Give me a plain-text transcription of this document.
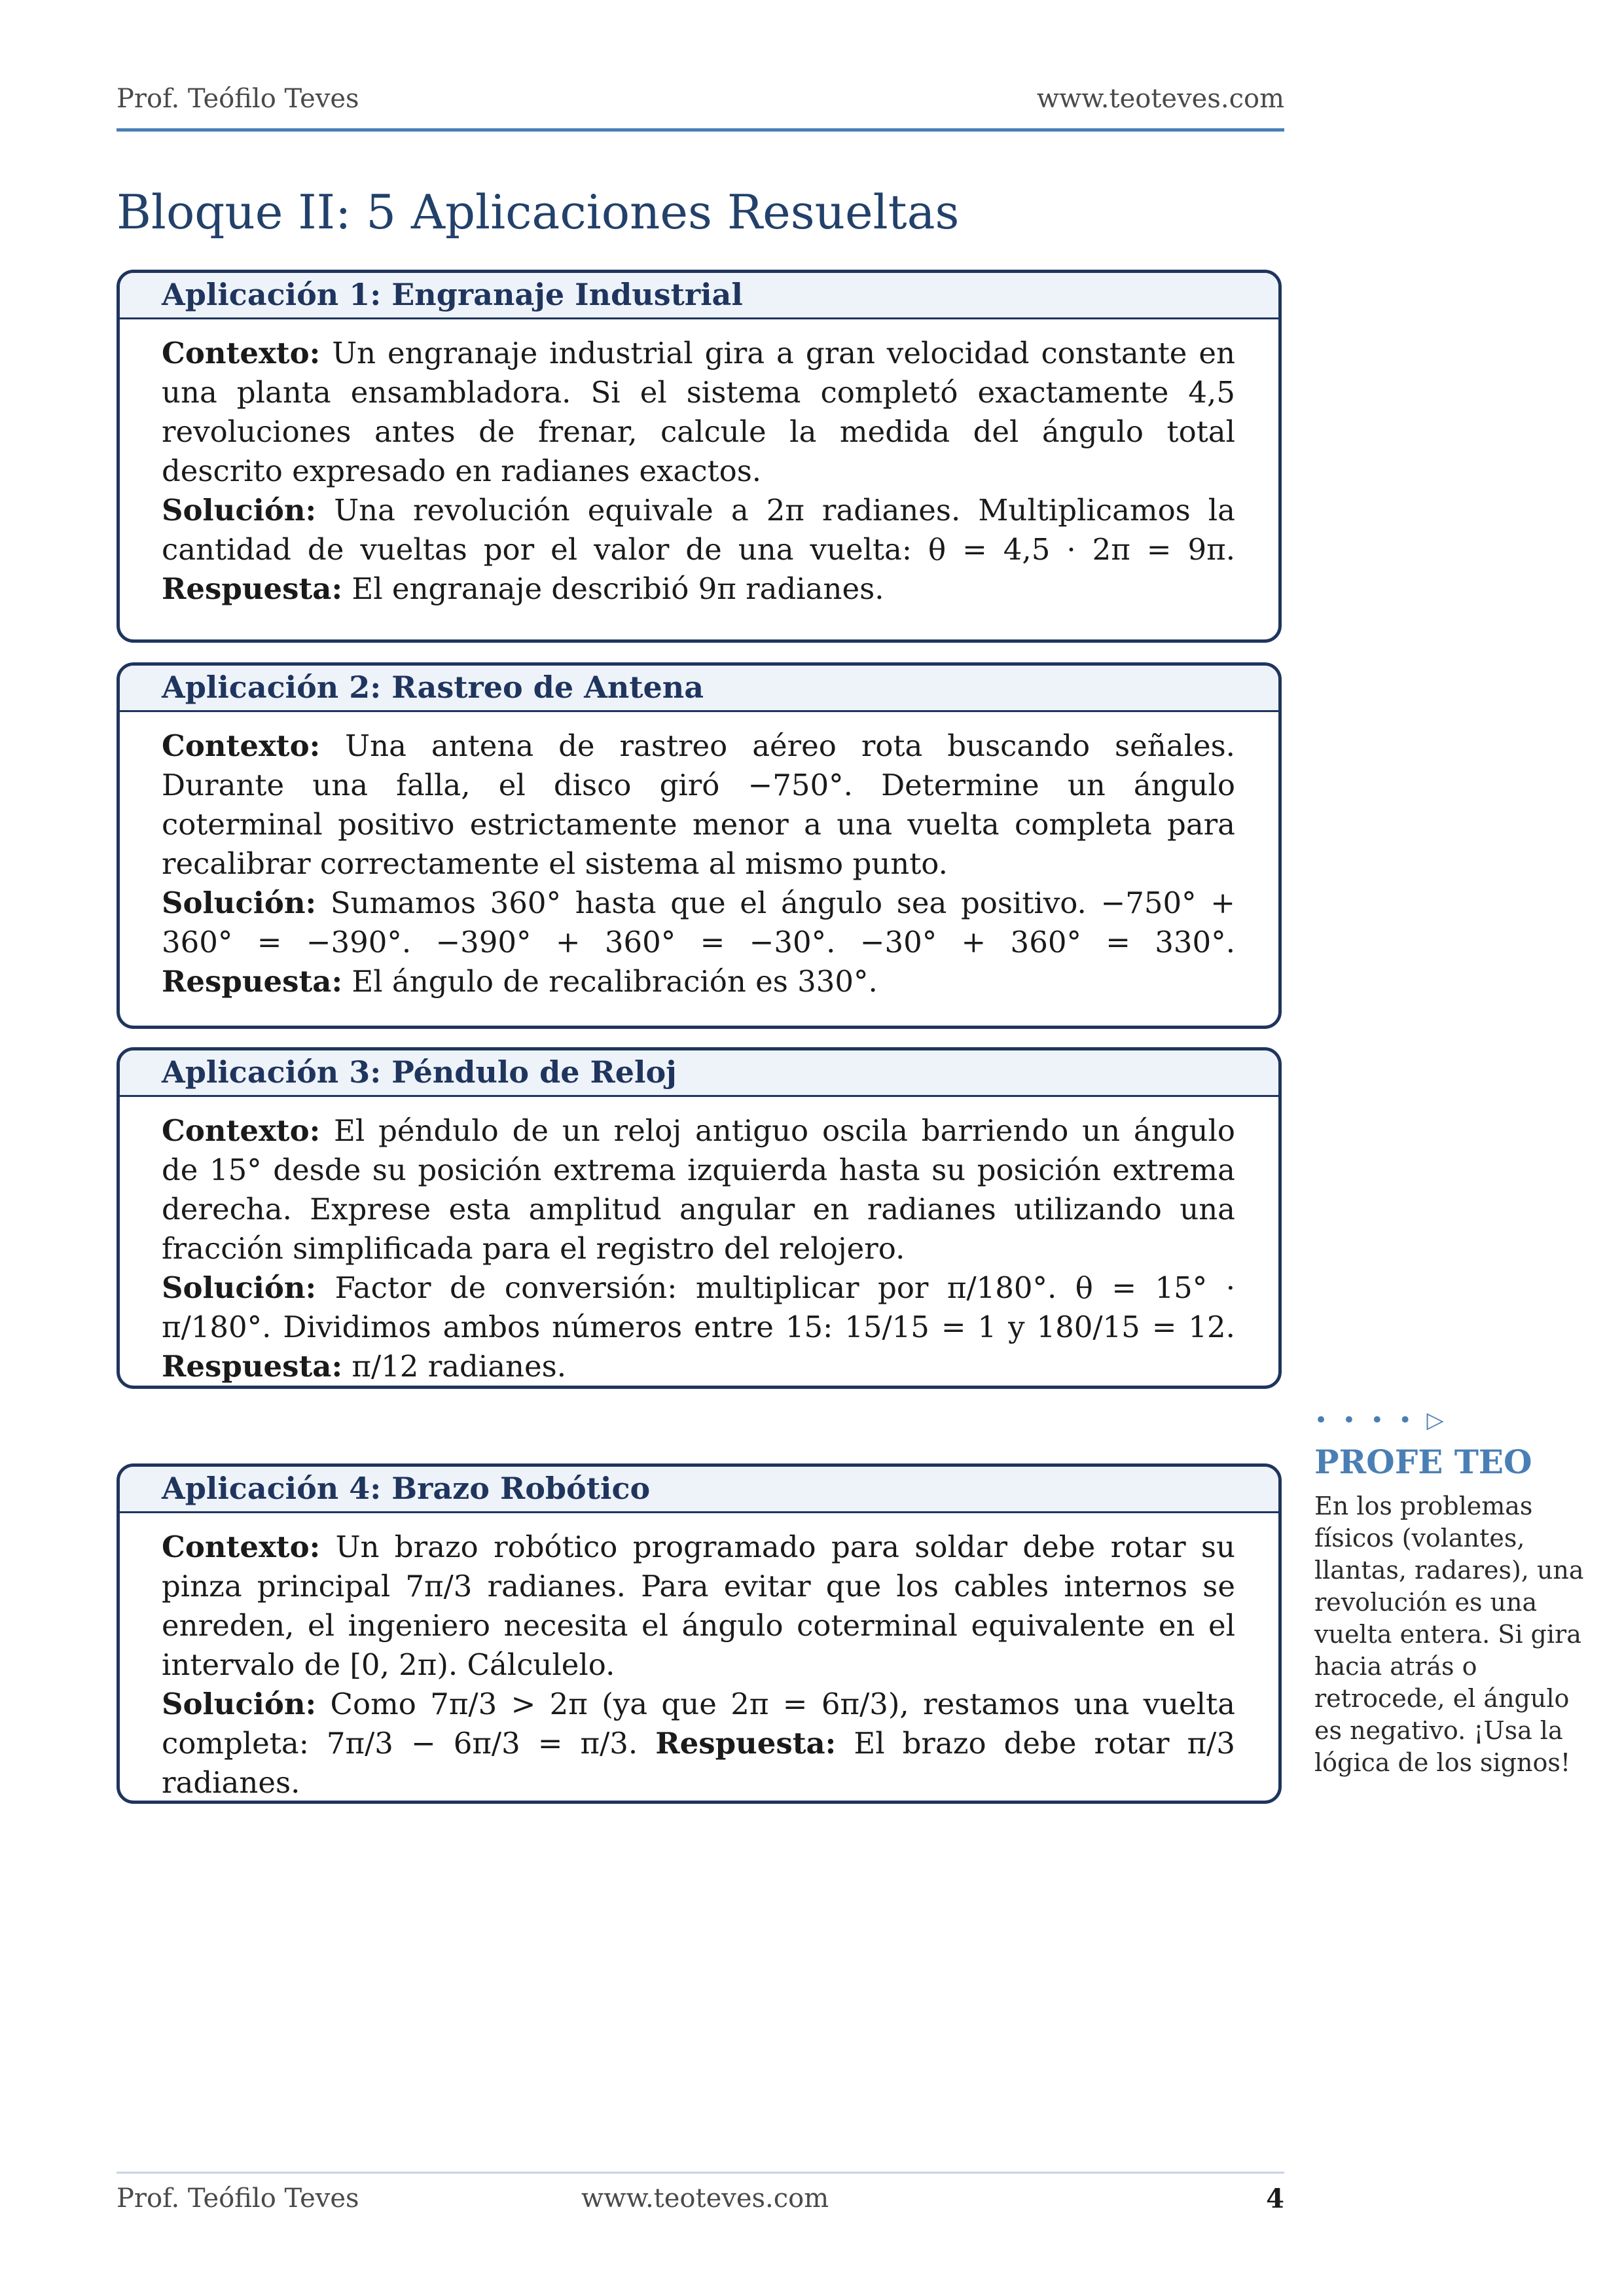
Prof. Teófilo Teves	www.teoteves.com
Bloque II: 5 Aplicaciones Resueltas
Aplicación 1: Engranaje Industrial

Contexto: Un engranaje industrial gira a gran velocidad constante en una planta ensambladora. Si el sistema completó exactamente 4,5 revoluciones antes de frenar, calcule la medida del ángulo total descrito expresado en radianes exactos.

Solución: Una revolución equivale a 2π radianes. Multiplicamos la cantidad de vueltas por el valor de una vuelta: θ = 4,5 · 2π = 9π. Respuesta: El engranaje describió 9π radianes.

Aplicación 2: Rastreo de Antena

Contexto: Una antena de rastreo aéreo rota buscando señales. Durante una falla, el disco giró −750°. Determine un ángulo coterminal positivo estrictamente menor a una vuelta completa para recalibrar correctamente el sistema al mismo punto.

Solución: Sumamos 360° hasta que el ángulo sea positivo. −750° + 360° = −390°. −390° + 360° = −30°. −30° + 360° = 330°. Respuesta: El ángulo de recalibración es 330°.

Aplicación 3: Péndulo de Reloj

Contexto: El péndulo de un reloj antiguo oscila barriendo un ángulo de 15° desde su posición extrema izquierda hasta su posición extrema derecha. Exprese esta amplitud angular en radianes utilizando una fracción simplificada para el registro del relojero.

Solución: Factor de conversión: multiplicar por π/180°. θ = 15° · π/180°. Dividimos ambos números entre 15: 15/15 = 1 y 180/15 = 12. Respuesta: π/12 radianes.

Aplicación 4: Brazo Robótico

Contexto: Un brazo robótico programado para soldar debe rotar su pinza principal 7π/3 radianes. Para evitar que los cables internos se enreden, el ingeniero necesita el ángulo coterminal equivalente en el intervalo de [0, 2π). Cálculelo.

Solución: Como 7π/3 > 2π (ya que 2π = 6π/3), restamos una vuelta completa: 7π/3 − 6π/3 = π/3. Respuesta: El brazo debe rotar π/3 radianes.

• • • • ▷
PROFE TEO
En los problemas físicos (volantes, llantas, radares), una revolución es una vuelta entera. Si gira hacia atrás o retrocede, el ángulo es negativo. ¡Usa la lógica de los signos!
Prof. Teófilo Teves	www.teoteves.com	4
